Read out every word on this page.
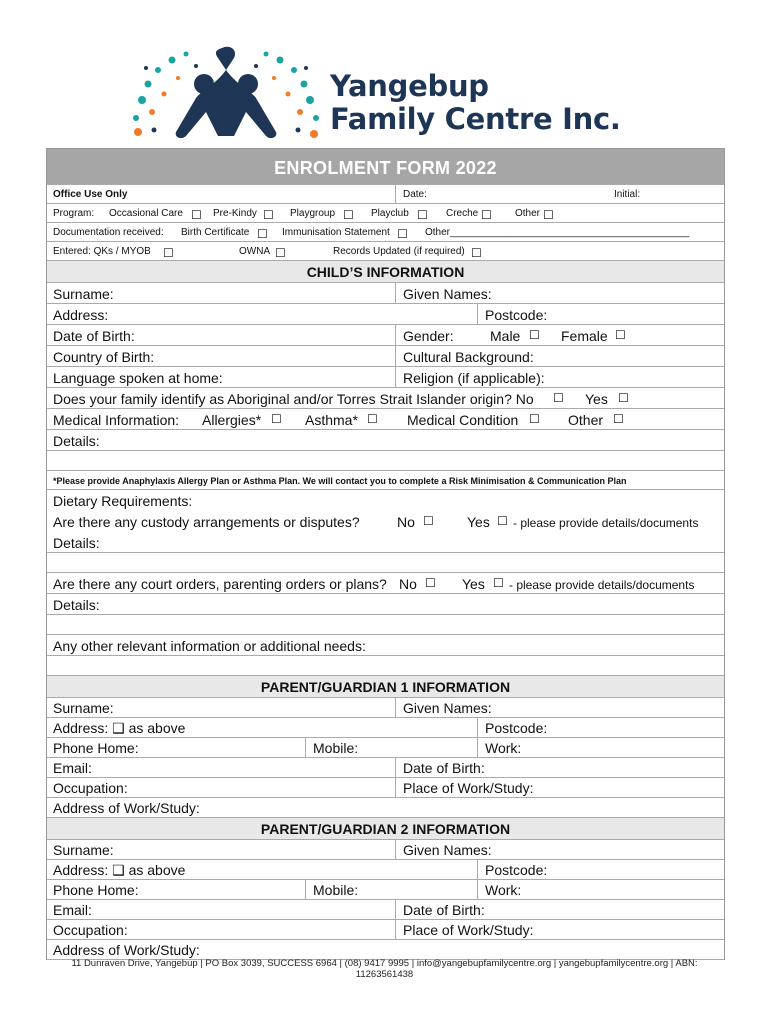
Yangebup
Family Centre Inc.
ENROLMENT FORM 2022
Office Use Only	Date:	Initial:
Program: Occasional Care ☐ Pre-Kindy ☐ Playgroup ☐ Playclub ☐ Creche ☐ Other ☐
Documentation received: Birth Certificate ☐ Immunisation Statement ☐ Other___________________________________________
Entered: QKs / MYOB ☐	OWNA ☐	Records Updated (if required) ☐
CHILD’S INFORMATION
Surname:	Given Names:
Address:	Postcode:
Date of Birth:	Gender:	Male ☐ Female ☐
Country of Birth:	Cultural Background:
Language spoken at home:	Religion (if applicable):
Does your family identify as Aboriginal and/or Torres Strait Islander origin? No ☐ Yes ☐
Medical Information: Allergies* ☐ Asthma* ☐ Medical Condition ☐ Other ☐
Details:
*Please provide Anaphylaxis Allergy Plan or Asthma Plan. We will contact you to complete a Risk Minimisation & Communication Plan
Dietary Requirements:
Are there any custody arrangements or disputes?	No ☐ Yes ☐ - please provide details/documents
Details:
Are there any court orders, parenting orders or plans? No ☐ Yes ☐ - please provide details/documents
Details:
Any other relevant information or additional needs:
PARENT/GUARDIAN 1 INFORMATION
Surname:	Given Names:
Address: ❑ as above	Postcode:
Phone Home:	Mobile:	Work:
Email:	Date of Birth:
Occupation:	Place of Work/Study:
Address of Work/Study:
PARENT/GUARDIAN 2 INFORMATION
Surname:	Given Names:
Address: ❑ as above	Postcode:
Phone Home:	Mobile:	Work:
Email:	Date of Birth:
Occupation:	Place of Work/Study:
Address of Work/Study:
11 Dunraven Drive, Yangebup | PO Box 3039, SUCCESS 6964 | (08) 9417 9995 | info@yangebupfamilycentre.org | yangebupfamilycentre.org | ABN: 11263561438
